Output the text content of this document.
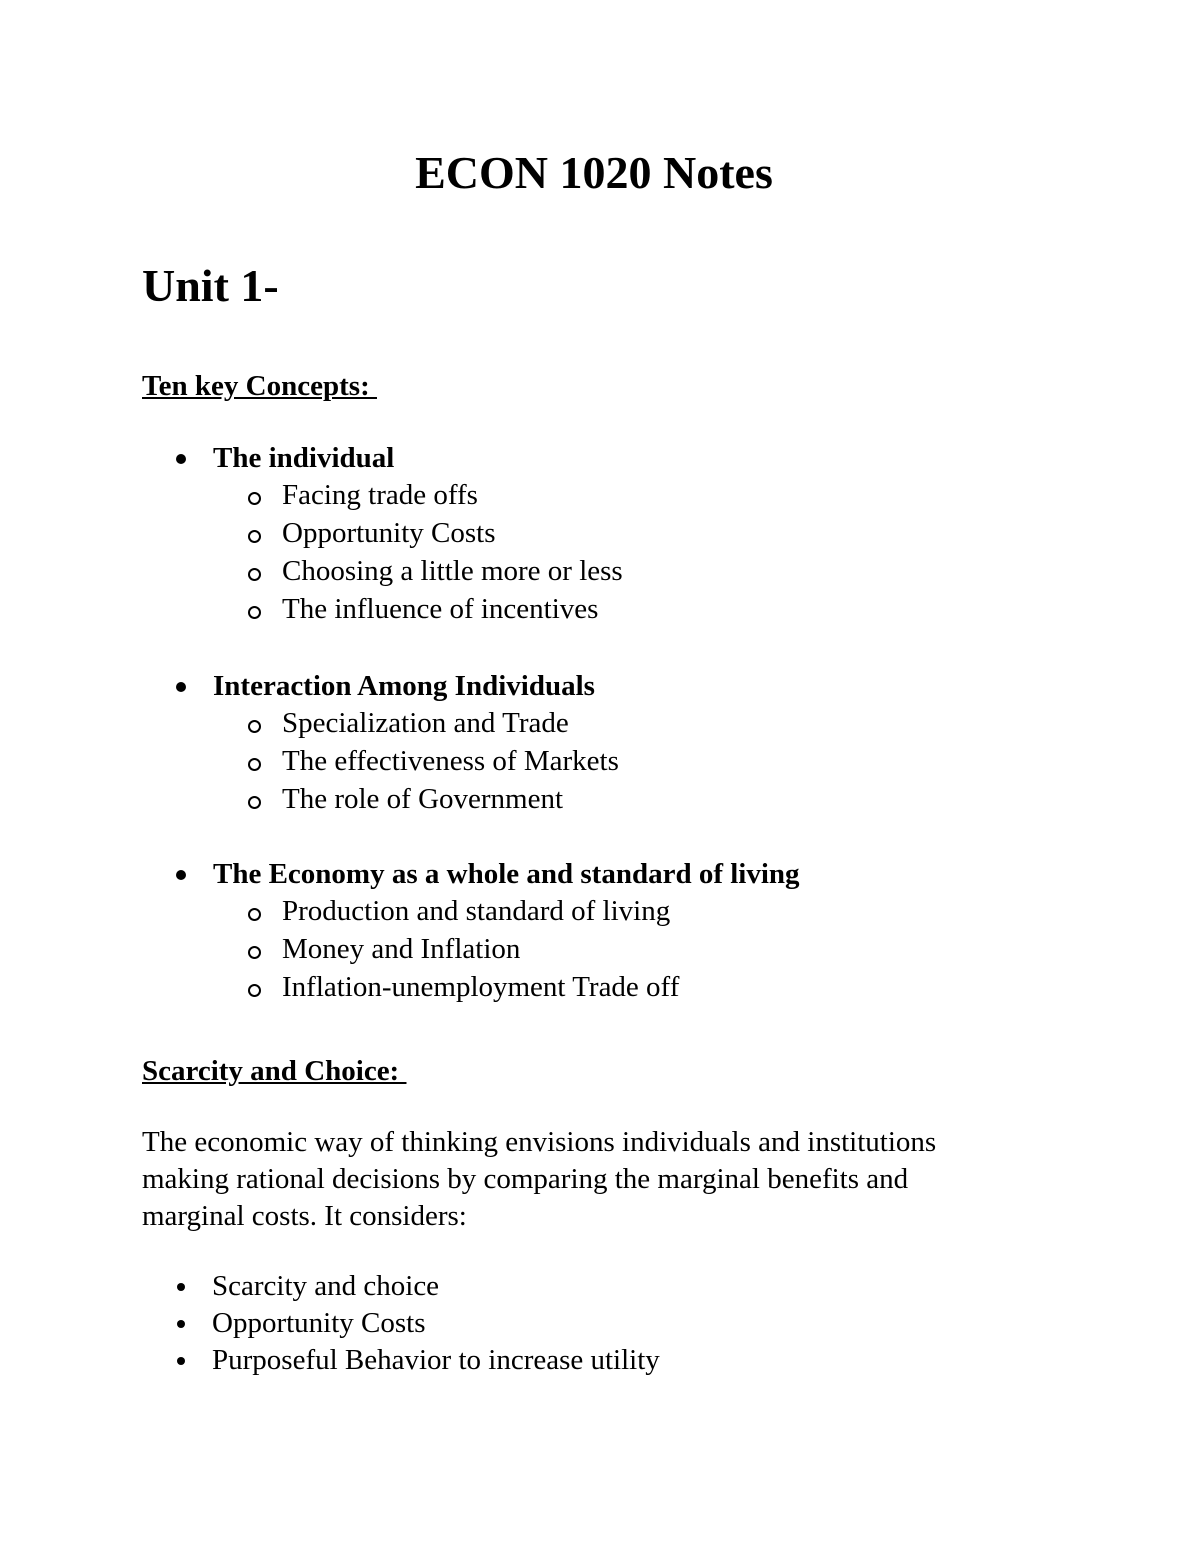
ECON 1020 Notes
Unit 1-
Ten key Concepts:
The individual
Facing trade offs
Opportunity Costs
Choosing a little more or less
The influence of incentives
Interaction Among Individuals
Specialization and Trade
The effectiveness of Markets
The role of Government
The Economy as a whole and standard of living
Production and standard of living
Money and Inflation
Inflation-unemployment Trade off
Scarcity and Choice:

The economic way of thinking envisions individuals and institutions
making rational decisions by comparing the marginal benefits and
marginal costs. It considers:

Scarcity and choice
Opportunity Costs
Purposeful Behavior to increase utility
